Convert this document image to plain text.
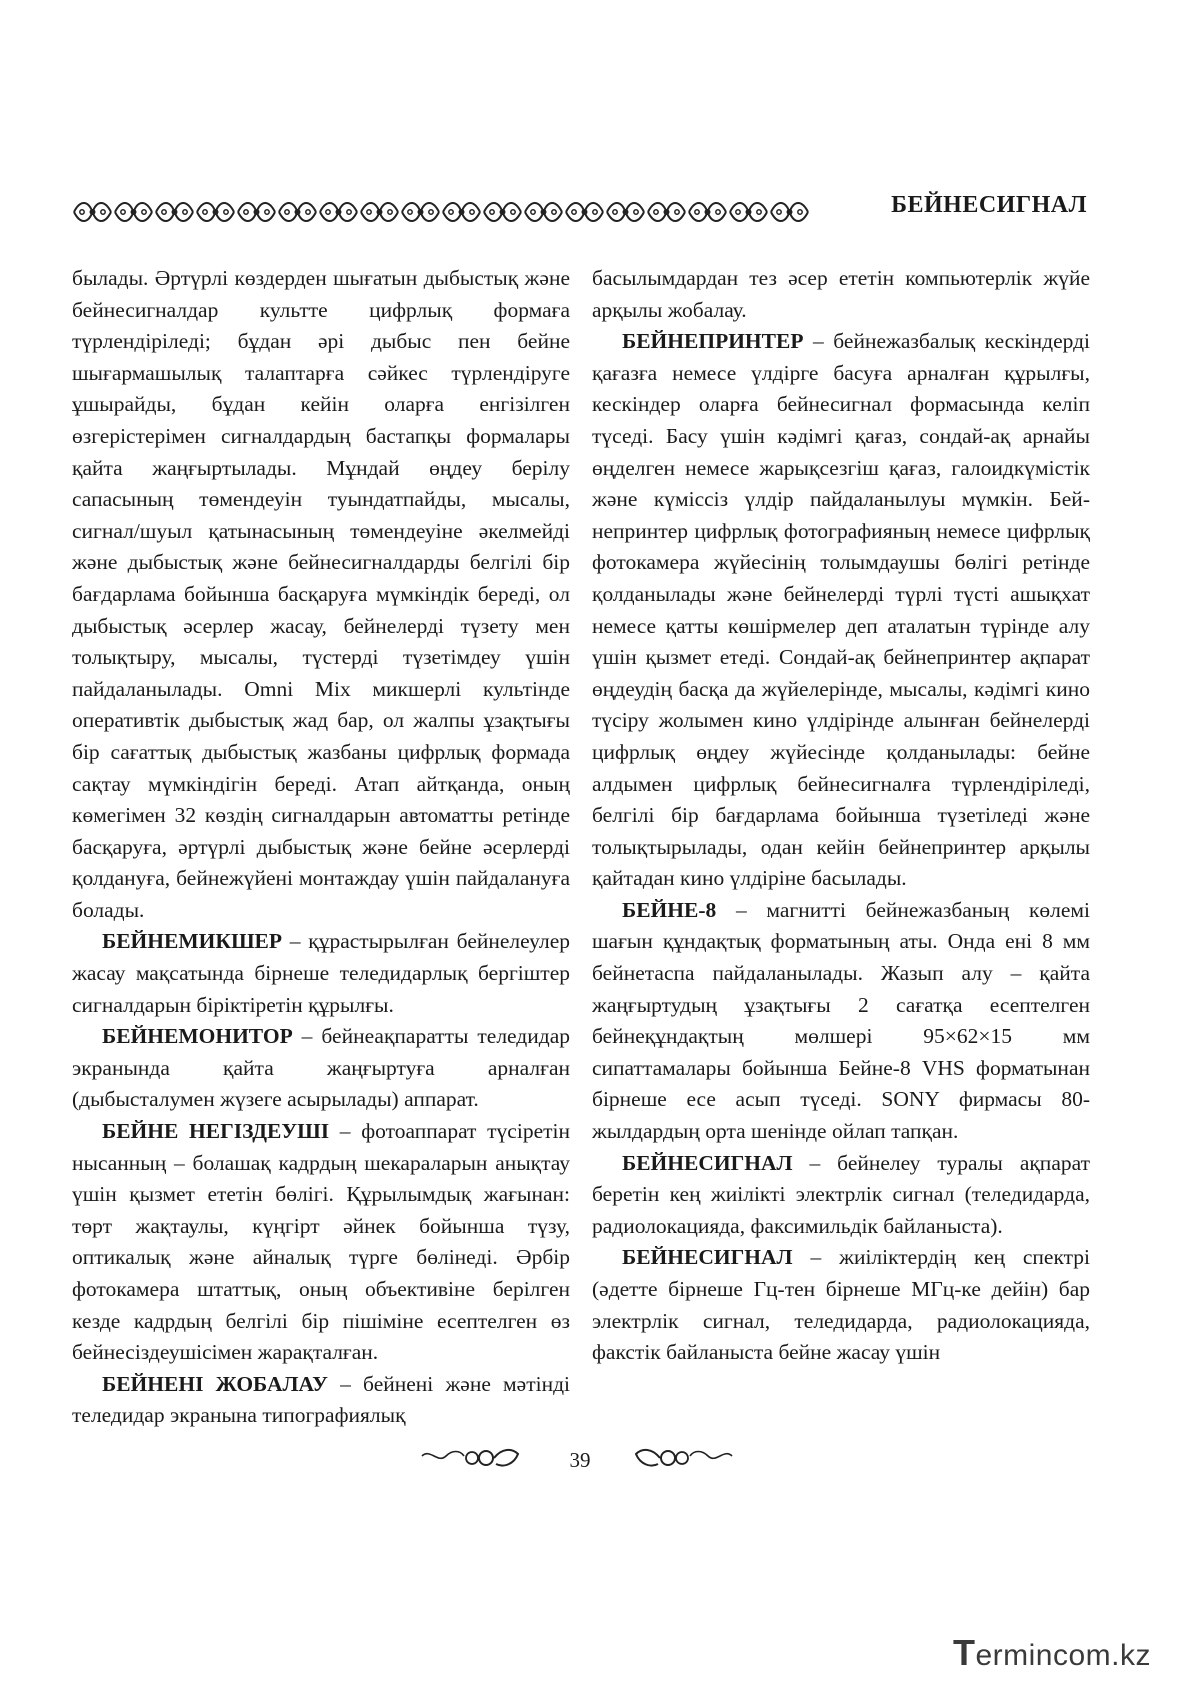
БЕЙНЕСИГНАЛ

былады. Әртүрлі көздерден шығатын дыбыстық және бейнесигналдар культте цифрлық формаға түрлендіріледі; бұдан әрі дыбыс пен бейне шығармашылық талаптарға сәйкес түрлендіруге ұшырайды, бұдан кейін оларға енгізілген өзгерістерімен сигналдардың бастапқы формалары қайта жаңғыртылады. Мұндай өңдеу берілу сапасының төмендеуін туындатпайды, мысалы, сигнал/шуыл қатынасының төмендеуіне әкелмейді және дыбыстық және бейнесигналдарды белгілі бір бағдарлама бойынша басқаруға мүмкіндік береді, ол дыбыстық әсерлер жасау, бейнелерді түзету мен толықтыру, мысалы, түстерді түзетімдеу үшін пайдаланылады. Omni Mix микшерлі культінде оперативтік дыбыстық жад бар, ол жалпы ұзақтығы бір сағаттық дыбыстық жазбаны цифрлық формада сақтау мүмкіндігін береді. Атап айтқанда, оның көмегімен 32 көздің сигналдарын автоматты ретінде басқаруға, әртүрлі дыбыстық және бейне әсерлерді қолдануға, бейнежүйені монтаждау үшін пайдалануға болады.

БЕЙНЕМИКШЕР – құрастырылған бейнелеулер жасау мақсатында бірнеше теледидарлық бергіштер сигналдарын біріктіретін құрылғы.

БЕЙНЕМОНИТОР – бейнеақпаратты теледидар экранында қайта жаңғыртуға арналған (дыбысталумен жүзеге асырылады) аппарат.

БЕЙНЕ НЕГІЗДЕУШІ – фотоаппарат түсіретін нысанның – болашақ кадрдың шекараларын анықтау үшін қызмет ететін бөлігі. Құрылымдық жағынан: төрт жақтаулы, күңгірт әйнек бойынша түзу, оптикалық және айналық түрге бөлінеді. Әрбір фотокамера штаттық, оның объективіне берілген кезде кадрдың белгілі бір пішіміне есептелген өз бейнесіздеушісімен жарақталған.

БЕЙНЕНІ ЖОБАЛАУ – бейнені және мәтінді теледидар экранына типографиялық

басылымдардан тез әсер ететін компьютерлік жүйе арқылы жобалау.

БЕЙНЕПРИНТЕР – бейнежазбалық кескіндерді қағазға немесе үлдірге басуға арналған құрылғы, кескіндер оларға бейнесигнал формасында келіп түседі. Басу үшін кәдімгі қағаз, сондай-ақ арнайы өңделген немесе жарықсезгіш қағаз, галоидкүмістік және күміссіз үлдір пайдаланылуы мүмкін. Бейнепринтер цифрлық фотографияның немесе цифрлық фотокамера жүйесінің толымдаушы бөлігі ретінде қолданылады және бейнелерді түрлі түсті ашықхат немесе қатты көшірмелер деп аталатын түрінде алу үшін қызмет етеді. Сондай-ақ бейнепринтер ақпарат өңдеудің басқа да жүйелерінде, мысалы, кәдімгі кино түсіру жолымен кино үлдірінде алынған бейнелерді цифрлық өңдеу жүйесінде қолданылады: бейне алдымен цифрлық бейнесигналға түрлендіріледі, белгілі бір бағдарлама бойынша түзетіледі және толықтырылады, одан кейін бейнепринтер арқылы қайтадан кино үлдіріне басылады.

БЕЙНЕ-8 – магнитті бейнежазбаның көлемі шағын құндақтық форматының аты. Онда ені 8 мм бейнетаспа пайдаланылады. Жазып алу – қайта жаңғыртудың ұзақтығы 2 сағатқа есептелген бейнеқұндақтың мөлшері 95×62×15 мм сипаттамалары бойынша Бейне-8 VHS форматынан бірнеше есе асып түседі. SONY фирмасы 80-жылдардың орта шенінде ойлап тапқан.

БЕЙНЕСИГНАЛ – бейнелеу туралы ақпарат беретін кең жиілікті электрлік сигнал (теледидарда, радиолокацияда, факсимильдік байланыста).

БЕЙНЕСИГНАЛ – жиіліктердің кең спектрі (әдетте бірнеше Гц-тен бірнеше МГц-ке дейін) бар электрлік сигнал, теледидарда, радиолокацияда, факстік байланыста бейне жасау үшін

39
Termincom.kz
